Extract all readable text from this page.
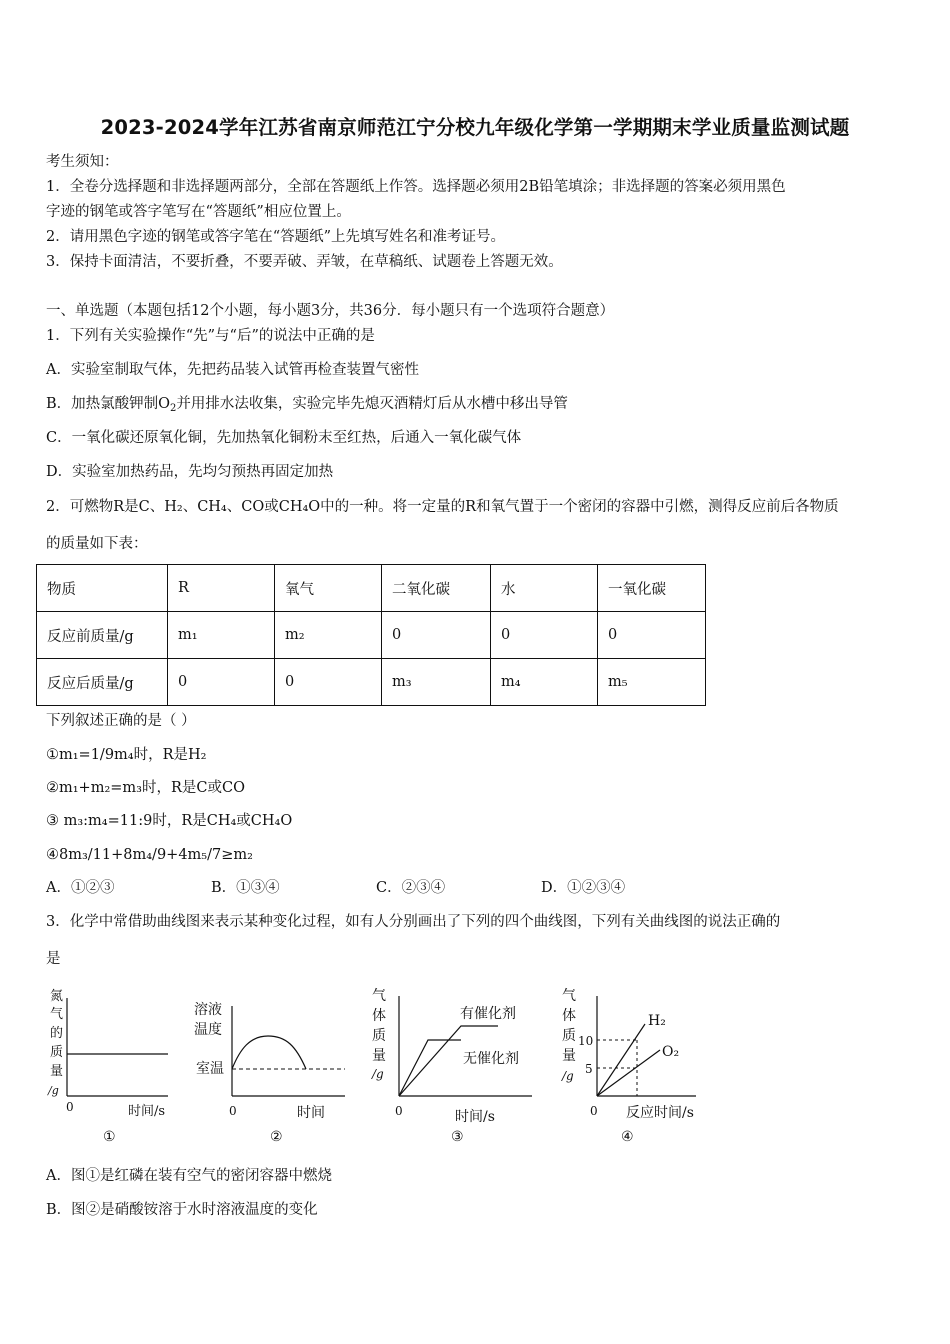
2023-2024学年江苏省南京师范江宁分校九年级化学第一学期期末学业质量监测试题
考生须知：
1．全卷分选择题和非选择题两部分，全部在答题纸上作答。选择题必须用2B铅笔填涂；非选择题的答案必须用黑色
字迹的钢笔或答字笔写在“答题纸”相应位置上。
2．请用黑色字迹的钢笔或答字笔在“答题纸”上先填写姓名和准考证号。
3．保持卡面清洁，不要折叠，不要弄破、弄皱，在草稿纸、试题卷上答题无效。
一、单选题（本题包括12个小题，每小题3分，共36分．每小题只有一个选项符合题意）
1．下列有关实验操作“先”与“后”的说法中正确的是
A．实验室制取气体，先把药品装入试管再检查装置气密性
B．加热氯酸钾制$O_2$并用排水法收集，实验完毕先熄灭酒精灯后从水槽中移出导管
C．一氧化碳还原氧化铜，先加热氧化铜粉末至红热，后通入一氧化碳气体
D．实验室加热药品，先均匀预热再固定加热
2．可燃物R是C、H₂、CH₄、CO或CH₄O中的一种。将一定量的R和氧气置于一个密闭的容器中引燃，测得反应前后各物质
的质量如下表：
物质	R	氧气	二氧化碳	水	一氧化碳
反应前质量/g	m₁	m₂	0	0	0
反应后质量/g	0	0	m₃	m₄	m₅
下列叙述正确的是（ ）
①m₁=1/9m₄时，R是H₂
②m₁+m₂=m₃时，R是C或CO
③ m₃:m₄=11:9时，R是CH₄或CH₄O
④8m₃/11+8m₄/9+4m₅/7≥m₂
A．①②③	B．①③④	C．②③④	D．①②③④
3．化学中常借助曲线图来表示某种变化过程，如有人分别画出了下列的四个曲线图，下列有关曲线图的说法正确的
是
氮
气
的
质
量
/g
0	时间/s
①
溶液
温度
室温
0	时间
②
气
体
质
量
/g
有催化剂
无催化剂
0	时间/s
③
气
体
质
量
/g
10
5
H₂
O₂
0 反应时间/s
④
A．图①是红磷在装有空气的密闭容器中燃烧
B．图②是硝酸铵溶于水时溶液温度的变化
